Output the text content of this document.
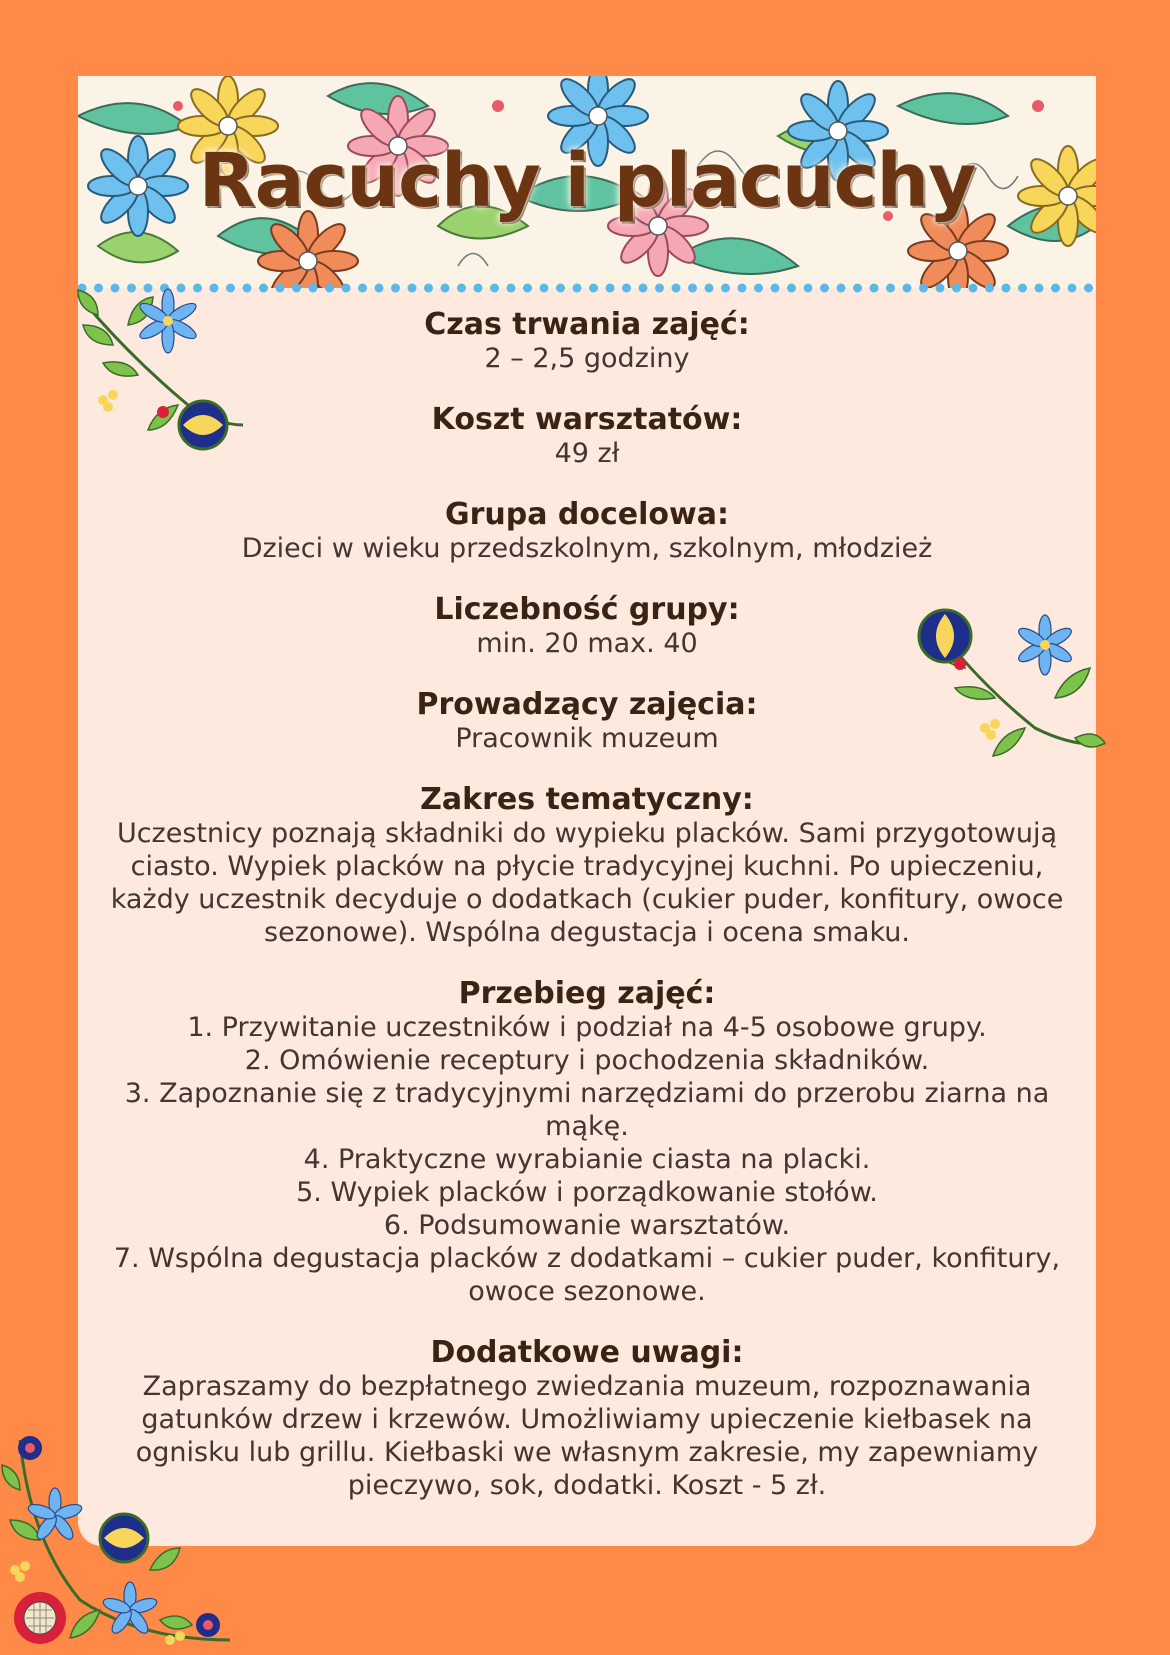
Racuchy i placuchy
Czas trwania zajęć:
2 – 2,5 godziny
Koszt warsztatów:
49 zł
Grupa docelowa:
Dzieci w wieku przedszkolnym, szkolnym, młodzież
Liczebność grupy:
min. 20 max. 40
Prowadzący zajęcia:
Pracownik muzeum
Zakres tematyczny:
Uczestnicy poznają składniki do wypieku placków. Sami przygotowują ciasto. Wypiek placków na płycie tradycyjnej kuchni. Po upieczeniu, każdy uczestnik decyduje o dodatkach (cukier puder, konfitury, owoce sezonowe). Wspólna degustacja i ocena smaku.
Przebieg zajęć:
1. Przywitanie uczestników i podział na 4-5 osobowe grupy.
2. Omówienie receptury i pochodzenia składników.
3. Zapoznanie się z tradycyjnymi narzędziami do przerobu ziarna na mąkę.
4. Praktyczne wyrabianie ciasta na placki.
5. Wypiek placków i porządkowanie stołów.
6. Podsumowanie warsztatów.
7. Wspólna degustacja placków z dodatkami – cukier puder, konfitury, owoce sezonowe.
Dodatkowe uwagi:
Zapraszamy do bezpłatnego zwiedzania muzeum, rozpoznawania gatunków drzew i krzewów. Umożliwiamy upieczenie kiełbasek na ognisku lub grillu. Kiełbaski we własnym zakresie, my zapewniamy pieczywo, sok, dodatki. Koszt - 5 zł.
